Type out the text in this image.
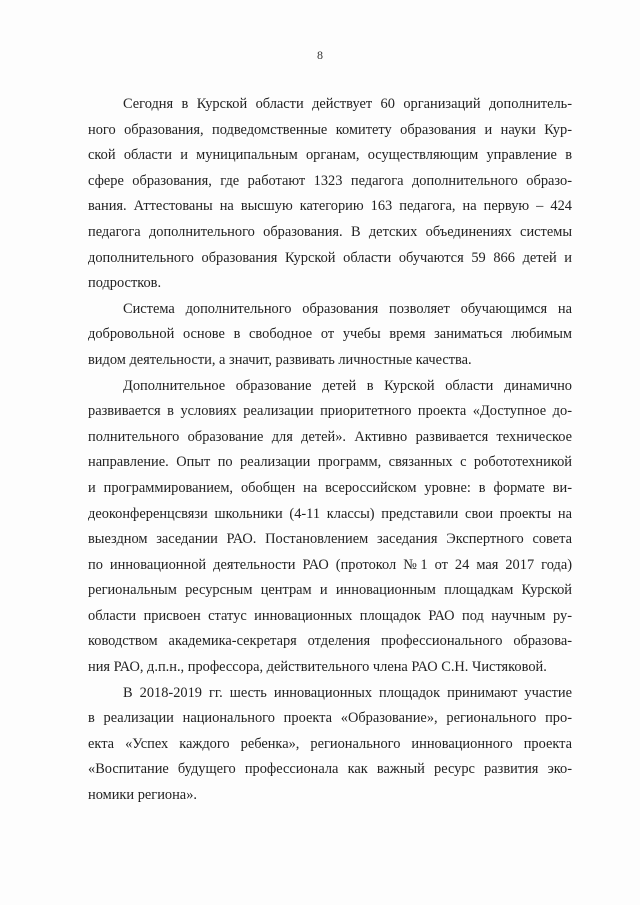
8
Сегодня в Курской области действует 60 организаций дополнитель-
ного образования, подведомственные комитету образования и науки Кур-
ской области и муниципальным органам, осуществляющим управление в
сфере образования, где работают 1323 педагога дополнительного образо-
вания. Аттестованы на высшую категорию 163 педагога, на первую – 424
педагога дополнительного образования. В детских объединениях системы
дополнительного образования Курской области обучаются 59 866 детей и
подростков.
Система дополнительного образования позволяет обучающимся на
добровольной основе в свободное от учебы время заниматься любимым
видом деятельности, а значит, развивать личностные качества.
Дополнительное образование детей в Курской области динамично
развивается в условиях реализации приоритетного проекта «Доступное до-
полнительного образование для детей». Активно развивается техническое
направление. Опыт по реализации программ, связанных с робототехникой
и программированием, обобщен на всероссийском уровне: в формате ви-
деоконференцсвязи школьники (4-11 классы) представили свои проекты на
выездном заседании РАО. Постановлением заседания Экспертного совета
по инновационной деятельности РАО (протокол №1 от 24 мая 2017 года)
региональным ресурсным центрам и инновационным площадкам Курской
области присвоен статус инновационных площадок РАО под научным ру-
ководством академика-секретаря отделения профессионального образова-
ния РАО, д.п.н., профессора, действительного члена РАО С.Н. Чистяковой.
В 2018-2019 гг. шесть инновационных площадок принимают участие
в реализации национального проекта «Образование», регионального про-
екта «Успех каждого ребенка», регионального инновационного проекта
«Воспитание будущего профессионала как важный ресурс развития эко-
номики региона».
